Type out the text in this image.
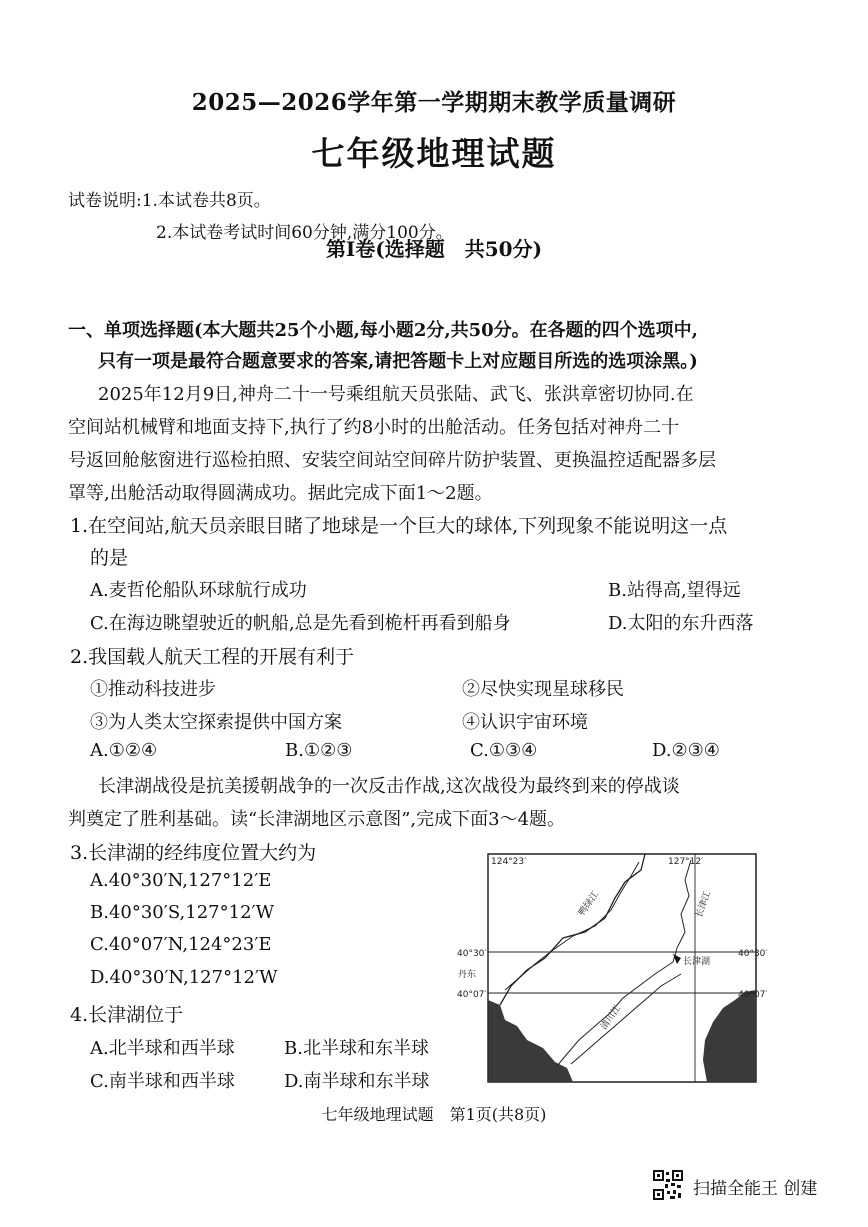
2025—2026学年第一学期期末教学质量调研
七年级地理试题
试卷说明:1.本试卷共8页。
2.本试卷考试时间60分钟,满分100分。
第Ⅰ卷(选择题　共50分)
一、单项选择题(本大题共25个小题,每小题2分,共50分。在各题的四个选项中,
只有一项是最符合题意要求的答案,请把答题卡上对应题目所选的选项涂黑。)
2025年12月9日,神舟二十一号乘组航天员张陆、武飞、张洪章密切协同.在
空间站机械臂和地面支持下,执行了约8小时的出舱活动。任务包括对神舟二十
号返回舱舷窗进行巡检拍照、安装空间站空间碎片防护装置、更换温控适配器多层
罩等,出舱活动取得圆满成功。据此完成下面1～2题。
1.在空间站,航天员亲眼目睹了地球是一个巨大的球体,下列现象不能说明这一点
的是
A.麦哲伦船队环球航行成功	B.站得高,望得远
C.在海边眺望驶近的帆船,总是先看到桅杆再看到船身	D.太阳的东升西落
2.我国载人航天工程的开展有利于
①推动科技进步	②尽快实现星球移民
③为人类太空探索提供中国方案	④认识宇宙环境
A.①②④	B.①②③	C.①③④	D.②③④
长津湖战役是抗美援朝战争的一次反击作战,这次战役为最终到来的停战谈
判奠定了胜利基础。读“长津湖地区示意图”,完成下面3～4题。
3.长津湖的经纬度位置大约为
A.40°30′N,127°12′E
B.40°30′S,127°12′W
C.40°07′N,124°23′E
D.40°30′N,127°12′W
4.长津湖位于
A.北半球和西半球	B.北半球和东半球
C.南半球和西半球	D.南半球和东半球
124°23′	127°12′
40°30′	40°30′
40°07′	40°07′
124°23′	127°12′
鸭绿江	长津江
清川江
长津湖
丹东
七年级地理试题　第1页(共8页)
扫描全能王 创建
